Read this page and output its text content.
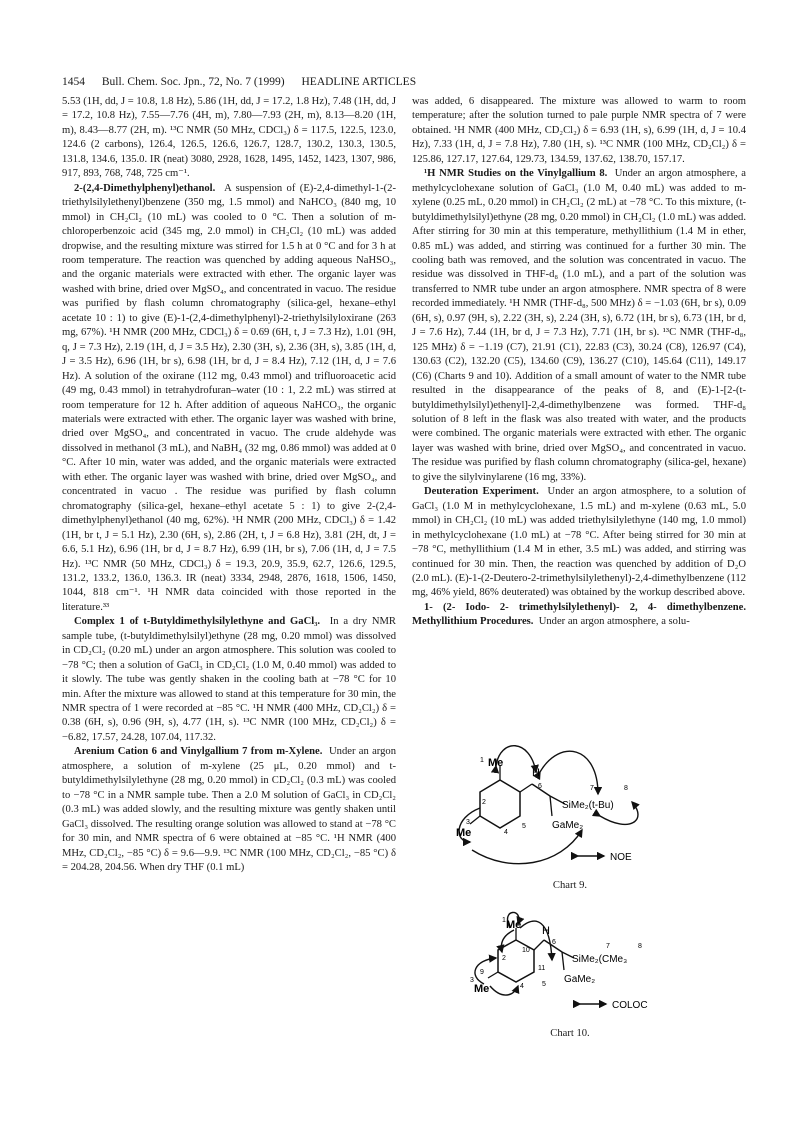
1454 Bull. Chem. Soc. Jpn., 72, No. 7 (1999) HEADLINE ARTICLES

5.53 (1H, dd, J = 10.8, 1.8 Hz), 5.86 (1H, dd, J = 17.2, 1.8 Hz), 7.48 (1H, dd, J = 17.2, 10.8 Hz), 7.55—7.76 (4H, m), 7.80—7.93 (2H, m), 8.13—8.20 (1H, m), 8.43—8.77 (2H, m). ¹³C NMR (50 MHz, CDCl₃) δ = 117.5, 122.5, 123.0, 124.6 (2 carbons), 126.4, 126.5, 126.6, 126.7, 128.7, 130.2, 130.3, 130.5, 131.8, 134.6, 135.0. IR (neat) 3080, 2928, 1628, 1495, 1452, 1423, 1307, 986, 917, 893, 768, 748, 725 cm⁻¹.

2-(2,4-Dimethylphenyl)ethanol. A suspension of (E)-2,4-dimethyl-1-(2-triethylsilylethenyl)benzene (350 mg, 1.5 mmol) and NaHCO₃ (840 mg, 10 mmol) in CH₂Cl₂ (10 mL) was cooled to 0 °C. Then a solution of m-chloroperbenzoic acid (345 mg, 2.0 mmol) in CH₂Cl₂ (10 mL) was added dropwise, and the resulting mixture was stirred for 1.5 h at 0 °C and for 3 h at room temperature. The reaction was quenched by adding aqueous NaHSO₃, and the organic materials were extracted with ether. The organic layer was washed with brine, dried over MgSO₄, and concentrated in vacuo. The residue was purified by flash column chromatography (silica-gel, hexane–ethyl acetate 10 : 1) to give (E)-1-(2,4-dimethylphenyl)-2-triethylsilyloxirane (263 mg, 67%). ¹H NMR (200 MHz, CDCl₃) δ = 0.69 (6H, t, J = 7.3 Hz), 1.01 (9H, q, J = 7.3 Hz), 2.19 (1H, d, J = 3.5 Hz), 2.30 (3H, s), 2.36 (3H, s), 3.85 (1H, d, J = 3.5 Hz), 6.96 (1H, br s), 6.98 (1H, br d, J = 8.4 Hz), 7.12 (1H, d, J = 7.6 Hz). A solution of the oxirane (112 mg, 0.43 mmol) and trifluoroacetic acid (49 mg, 0.43 mmol) in tetrahydrofuran–water (10 : 1, 2.2 mL) was stirred at room temperature for 12 h. After addition of aqueous NaHCO₃, the organic materials were extracted with ether. The organic layer was washed with brine, dried over MgSO₄, and concentrated in vacuo. The crude aldehyde was dissolved in methanol (3 mL), and NaBH₄ (32 mg, 0.86 mmol) was added at 0 °C. After 10 min, water was added, and the organic materials were extracted with ether. The organic layer was washed with brine, dried over MgSO₄, and concentrated in vacuo . The residue was purified by flash column chromatography (silica-gel, hexane–ethyl acetate 5 : 1) to give 2-(2,4-dimethylphenyl)ethanol (40 mg, 62%). ¹H NMR (200 MHz, CDCl₃) δ = 1.42 (1H, br t, J = 5.1 Hz), 2.30 (6H, s), 2.86 (2H, t, J = 6.8 Hz), 3.81 (2H, dt, J = 6.6, 5.1 Hz), 6.96 (1H, br d, J = 8.7 Hz), 6.99 (1H, br s), 7.06 (1H, d, J = 7.5 Hz). ¹³C NMR (50 MHz, CDCl₃) δ = 19.3, 20.9, 35.9, 62.7, 126.6, 129.5, 131.2, 133.2, 136.0, 136.3. IR (neat) 3334, 2948, 2876, 1618, 1506, 1450, 1044, 818 cm⁻¹. ¹H NMR data coincided with those reported in the literature.³³

Complex 1 of t-Butyldimethylsilylethyne and GaCl₃. In a dry NMR sample tube, (t-butyldimethylsilyl)ethyne (28 mg, 0.20 mmol) was dissolved in CD₂Cl₂ (0.20 mL) under an argon atmosphere. This solution was cooled to −78 °C; then a solution of GaCl₃ in CD₂Cl₂ (1.0 M, 0.40 mmol) was added to it slowly. The tube was gently shaken in the cooling bath at −78 °C for 10 min. After the mixture was allowed to stand at this temperature for 30 min, the NMR spectra of 1 were recorded at −85 °C. ¹H NMR (400 MHz, CD₂Cl₂) δ = 0.38 (6H, s), 0.96 (9H, s), 4.77 (1H, s). ¹³C NMR (100 MHz, CD₂Cl₂) δ = −6.82, 17.57, 24.28, 107.04, 117.32.

Arenium Cation 6 and Vinylgallium 7 from m-Xylene. Under an argon atmosphere, a solution of m-xylene (25 μL, 0.20 mmol) and t-butyldimethylsilylethyne (28 mg, 0.20 mmol) in CD₂Cl₂ (0.3 mL) was cooled to −78 °C in a NMR sample tube. Then a 2.0 M solution of GaCl₃ in CD₂Cl₂ (0.3 mL) was added slowly, and the resulting mixture was gently shaken until GaCl₃ dissolved. The resulting orange solution was allowed to stand at −78 °C for 30 min, and NMR spectra of 6 were obtained at −85 °C. ¹H NMR (400 MHz, CD₂Cl₂, −85 °C) δ = 9.6—9.9. ¹³C NMR (100 MHz, CD₂Cl₂, −85 °C) δ = 204.28, 204.56. When dry THF (0.1 mL)

was added, 6 disappeared. The mixture was allowed to warm to room temperature; after the solution turned to pale purple NMR spectra of 7 were obtained. ¹H NMR (400 MHz, CD₂Cl₂) δ = 6.93 (1H, s), 6.99 (1H, d, J = 10.4 Hz), 7.33 (1H, d, J = 7.8 Hz), 7.80 (1H, s). ¹³C NMR (100 MHz, CD₂Cl₂) δ = 125.86, 127.17, 127.64, 129.73, 134.59, 137.62, 138.70, 157.17.

¹H NMR Studies on the Vinylgallium 8. Under an argon atmosphere, a methylcyclohexane solution of GaCl₃ (1.0 M, 0.40 mL) was added to m-xylene (0.25 mL, 0.20 mmol) in CH₂Cl₂ (2 mL) at −78 °C. To this mixture, (t-butyldimethylsilyl)ethyne (28 mg, 0.20 mmol) in CH₂Cl₂ (1.0 mL) was added. After stirring for 30 min at this temperature, methyllithium (1.4 M in ether, 0.85 mL) was added, and stirring was continued for a further 30 min. The cooling bath was removed, and the solution was concentrated in vacuo. The residue was dissolved in THF-d₈ (1.0 mL), and a part of the solution was transferred to NMR tube under an argon atmosphere. NMR spectra of 8 were recorded immediately. ¹H NMR (THF-d₈, 500 MHz) δ = −1.03 (6H, br s), 0.09 (6H, s), 0.97 (9H, s), 2.22 (3H, s), 2.24 (3H, s), 6.72 (1H, br s), 6.73 (1H, br d, J = 7.6 Hz), 7.44 (1H, br d, J = 7.3 Hz), 7.71 (1H, br s). ¹³C NMR (THF-d₈, 125 MHz) δ = −1.19 (C7), 21.91 (C1), 22.83 (C3), 30.24 (C8), 126.97 (C4), 130.63 (C2), 132.20 (C5), 134.60 (C9), 136.27 (C10), 145.64 (C11), 149.17 (C6) (Charts 9 and 10). Addition of a small amount of water to the NMR tube resulted in the disappearance of the peaks of 8, and (E)-1-[2-(t-butyldimethylsilyl)ethenyl]-2,4-dimethylbenzene was formed. THF-d₈ solution of 8 left in the flask was also treated with water, and the products were combined. The organic materials were extracted with ether. The organic layer was washed with brine, dried over MgSO₄, and concentrated in vacuo. The residue was purified by flash column chromatography (silica-gel, hexane) to give the silylvinylarene (16 mg, 33%).

Deuteration Experiment. Under an argon atmosphere, to a solution of GaCl₃ (1.0 M in methylcyclohexane, 1.5 mL) and m-xylene (0.63 mL, 5.0 mmol) in CH₂Cl₂ (10 mL) was added triethylsilylethyne (140 mg, 1.0 mmol) in methylcyclohexane (1.0 mL) at −78 °C. After being stirred for 30 min at −78 °C, methyllithium (1.4 M in ether, 3.5 mL) was added, and stirring was continued for 30 min. Then, the reaction was quenched by addition of D₂O (2.0 mL). (E)-1-(2-Deutero-2-trimethylsilylethenyl)-2,4-dimethylbenzene (112 mg, 46% yield, 86% deuterated) was obtained by the workup described above.

1- (2- Iodo- 2- trimethylsilylethenyl)- 2, 4- dimethylbenzene. Methyllithium Procedures. Under an argon atmosphere, a solu-

Me
H
SiMe₂(t-Bu)
GaMe₂
Me
1
2
3
4
5
6	7	8
NOE
Chart 9.
Me H
SiMe₂(CMe₃
GaMe₂
Me
1
2
3
4	5
6
7	8
9
10
11
COLOC
Chart 10.
